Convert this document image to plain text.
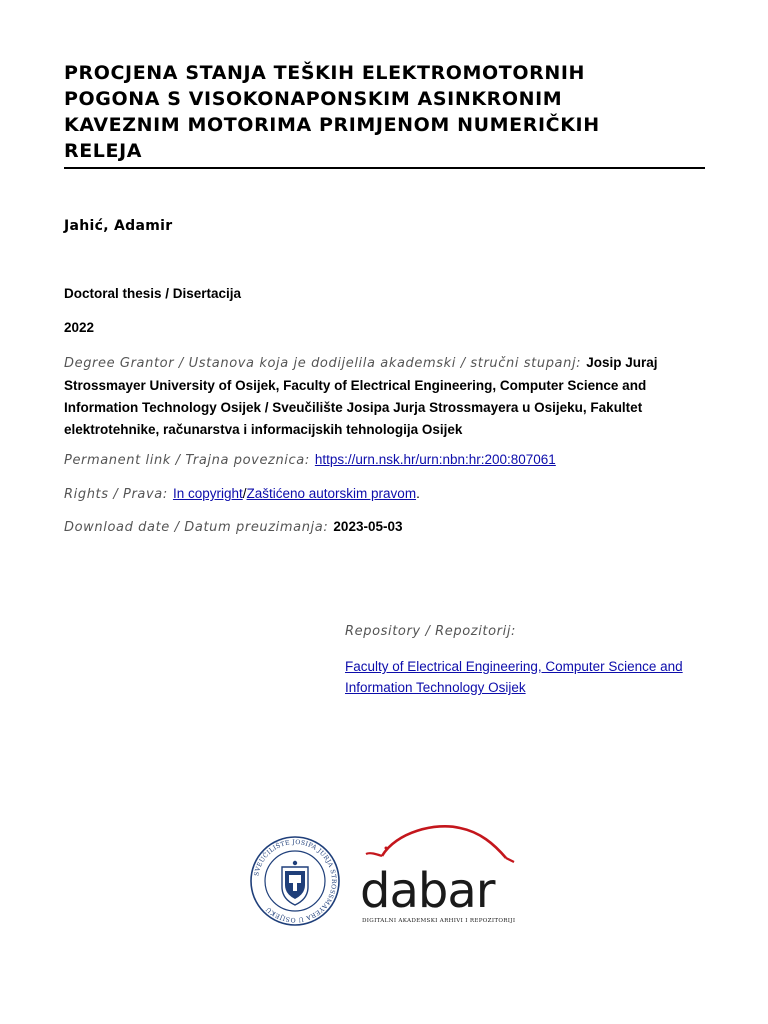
PROCJENA STANJA TEŠKIH ELEKTROMOTORNIH POGONA S VISOKONAPONSKIM ASINKRONIM KAVEZNIM MOTORIMA PRIMJENOM NUMERIČKIH RELEJA
Jahić, Adamir
Doctoral thesis / Disertacija
2022
Degree Grantor / Ustanova koja je dodijelila akademski / stručni stupanj: Josip Juraj Strossmayer University of Osijek, Faculty of Electrical Engineering, Computer Science and Information Technology Osijek / Sveučilište Josipa Jurja Strossmayera u Osijeku, Fakultet elektrotehnike, računarstva i informacijskih tehnologija Osijek
Permanent link / Trajna poveznica: https://urn.nsk.hr/urn:nbn:hr:200:807061
Rights / Prava: In copyright/Zaštićeno autorskim pravom.
Download date / Datum preuzimanja: 2023-05-03
Repository / Repozitorij:
Faculty of Electrical Engineering, Computer Science and Information Technology Osijek
SVEUČILIŠTE JOSIPA JURJA STROSSMAYERA U OSIJEKU	dabar
DIGITALNI AKADEMSKI ARHIVI I REPOZITORIJI
